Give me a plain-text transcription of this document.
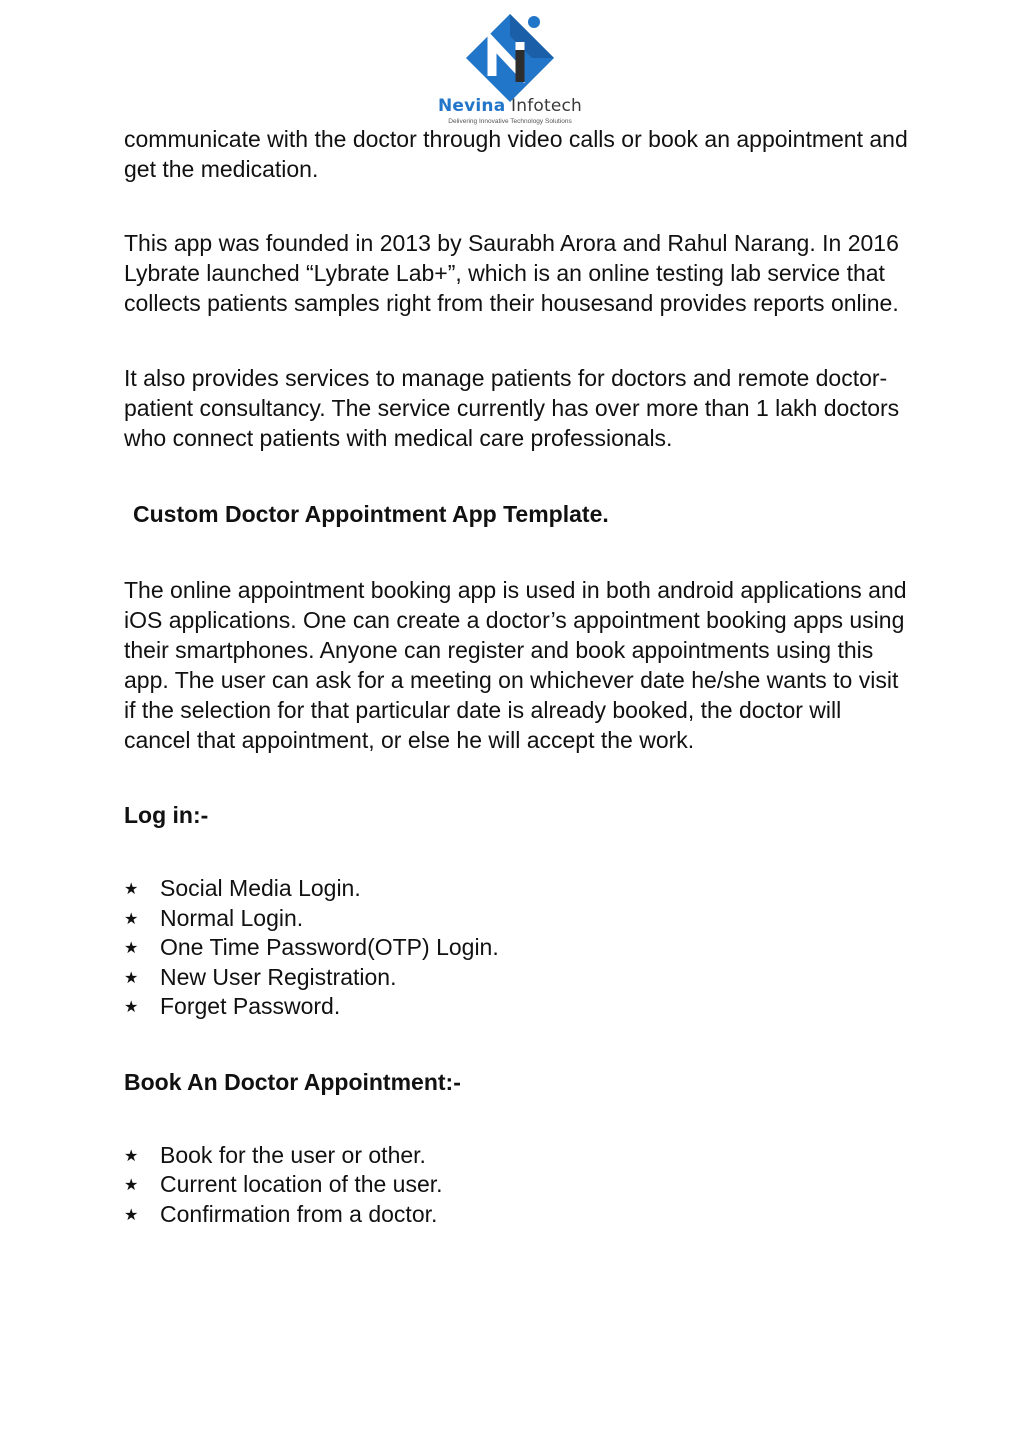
Nevina Infotech
Delivering Innovative Technology Solutions

communicate with the doctor through video calls or book an appointment and get the medication.

This app was founded in 2013 by Saurabh Arora and Rahul Narang. In 2016 Lybrate launched “Lybrate Lab+”, which is an online testing lab service that collects patients samples right from their housesand provides reports online.

It also provides services to manage patients for doctors and remote doctor-patient consultancy. The service currently has over more than 1 lakh doctors who connect patients with medical care professionals.

Custom Doctor Appointment App Template.

The online appointment booking app is used in both android applications and iOS applications. One can create a doctor’s appointment booking apps using their smartphones. Anyone can register and book appointments using this app. The user can ask for a meeting on whichever date he/she wants to visit if the selection for that particular date is already booked, the doctor will cancel that appointment, or else he will accept the work.

Log in:-
★ Social Media Login.
★ Normal Login.
★ One Time Password(OTP) Login.
★ New User Registration.
★ Forget Password.
Book An Doctor Appointment:-
★ Book for the user or other.
★ Current location of the user.
★ Confirmation from a doctor.
